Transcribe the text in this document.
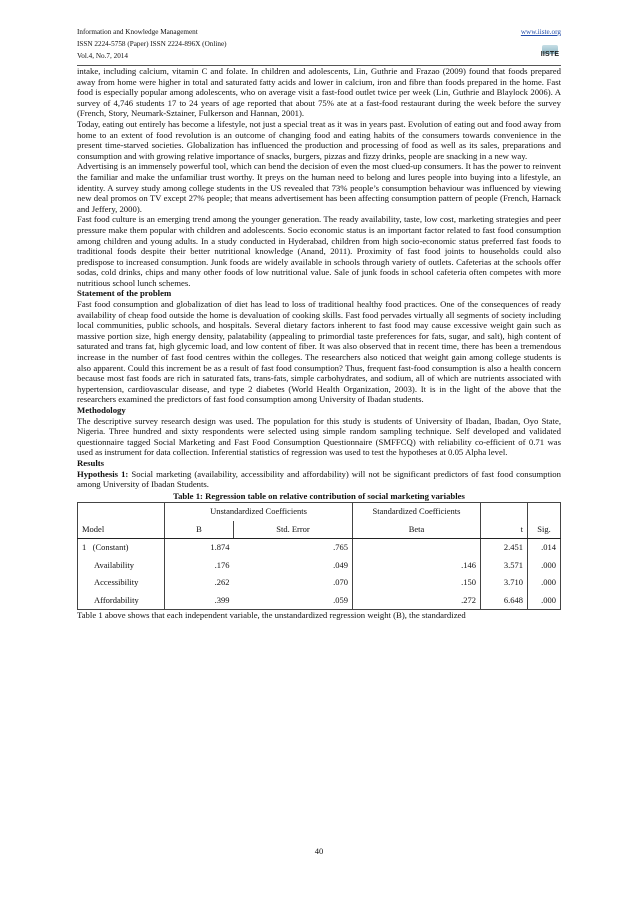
Information and Knowledge Management
ISSN 2224-5758 (Paper) ISSN 2224-896X (Online)
Vol.4, No.7, 2014
www.iiste.org
IISTE

intake, including calcium, vitamin C and folate. In children and adolescents, Lin, Guthrie and Frazao (2009) found that foods prepared away from home were higher in total and saturated fatty acids and lower in calcium, iron and fibre than foods prepared in the home. Fast food is especially popular among adolescents, who on average visit a fast-food outlet twice per week (Lin, Guthrie and Blaylock 2006). A survey of 4,746 students 17 to 24 years of age reported that about 75% ate at a fast-food restaurant during the week before the survey (French, Story, Neumark-Sztainer, Fulkerson and Hannan, 2001).

Today, eating out entirely has become a lifestyle, not just a special treat as it was in years past. Evolution of eating out and food away from home to an extent of food revolution is an outcome of changing food and eating habits of the consumers towards convenience in the present time-starved societies. Globalization has influenced the production and processing of food as well as its sales, preparations and consumption and with growing relative importance of snacks, burgers, pizzas and fizzy drinks, people are snacking in a new way.

Advertising is an immensely powerful tool, which can bend the decision of even the most clued-up consumers. It has the power to reinvent the familiar and make the unfamiliar trust worthy. It preys on the human need to belong and lures people into buying into a lifestyle, an identity. A survey study among college students in the US revealed that 73% people’s consumption behaviour was influenced by viewing new deal promos on TV except 27% people; that means advertisement has been affecting consumption pattern of people (French, Harnack and Jeffery, 2000).

Fast food culture is an emerging trend among the younger generation. The ready availability, taste, low cost, marketing strategies and peer pressure make them popular with children and adolescents. Socio economic status is an important factor related to fast food consumption among children and young adults. In a study conducted in Hyderabad, children from high socio-economic status preferred fast foods to traditional foods despite their better nutritional knowledge (Anand, 2011). Proximity of fast food joints to households could also predispose to increased consumption. Junk foods are widely available in schools through variety of outlets. Cafeterias at the schools offer sodas, cold drinks, chips and many other foods of low nutritional value. Sale of junk foods in school cafeteria often competes with more nutritious school lunch schemes.

Statement of the problem

Fast food consumption and globalization of diet has lead to loss of traditional healthy food practices. One of the consequences of ready availability of cheap food outside the home is devaluation of cooking skills. Fast food pervades virtually all segments of society including local communities, public schools, and hospitals. Several dietary factors inherent to fast food may cause excessive weight gain such as massive portion size, high energy density, palatability (appealing to primordial taste preferences for fats, sugar, and salt), high content of saturated and trans fat, high glycemic load, and low content of fiber. It was also observed that in recent time, there has been a tremendous increase in the number of fast food centres within the colleges. The researchers also noticed that weight gain among college students is also apparent. Could this increment be as a result of fast food consumption? Thus, frequent fast-food consumption is also a health concern because most fast foods are rich in saturated fats, trans-fats, simple carbohydrates, and sodium, all of which are nutrients associated with hypertension, cardiovascular disease, and type 2 diabetes (World Health Organization, 2003). It is in the light of the above that the researchers examined the predictors of fast food consumption among University of Ibadan students.

Methodology

The descriptive survey research design was used. The population for this study is students of University of Ibadan, Ibadan, Oyo State, Nigeria. Three hundred and sixty respondents were selected using simple random sampling technique. Self developed and validated questionnaire tagged Social Marketing and Fast Food Consumption Questionnaire (SMFFCQ) with reliability co-efficient of 0.71 was used as instrument for data collection. Inferential statistics of regression was used to test the hypotheses at 0.05 Alpha level.

Results

Hypothesis 1: Social marketing (availability, accessibility and affordability) will not be significant predictors of fast food consumption among University of Ibadan Students.

Table 1: Regression table on relative contribution of social marketing variables
	Unstandardized Coefficients		Standardized Coefficients		
Model	B	Std. Error	Beta	t	Sig.
1 (Constant)	1.874	.765		2.451	.014
Availability	.176	.049	.146	3.571	.000
Accessibility	.262	.070	.150	3.710	.000
Affordability	.399	.059	.272	6.648	.000

Table 1 above shows that each independent variable, the unstandardized regression weight (B), the standardized

40
